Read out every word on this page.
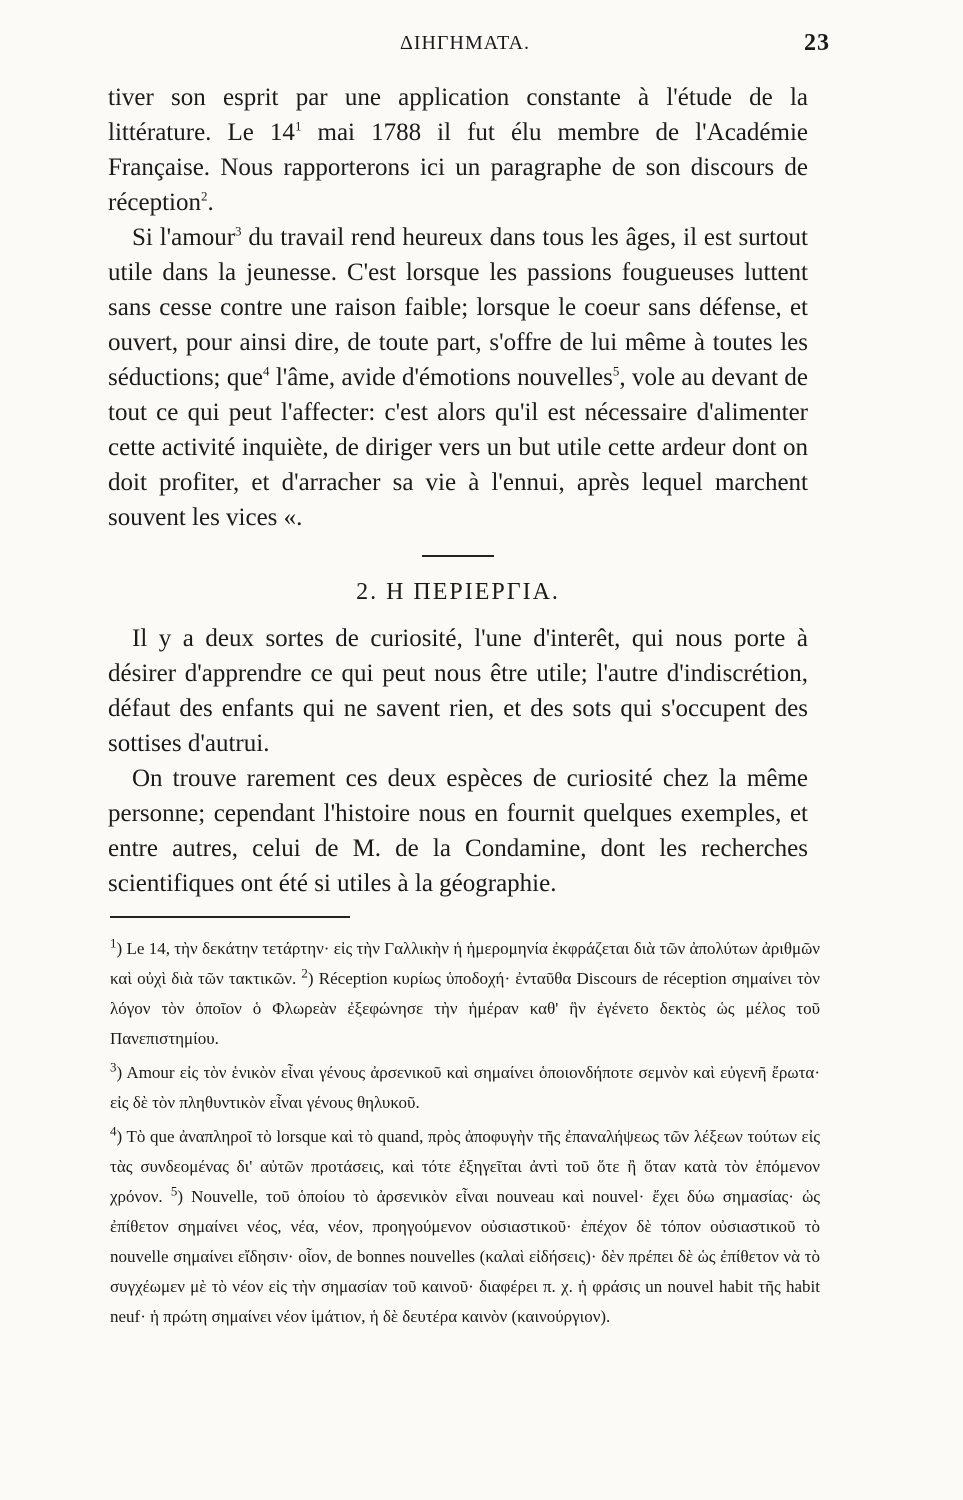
ΔΙΗΓΗΜΑΤΑ.	23

tiver son esprit par une application constante à l'étude de la littérature. Le $14^1$ mai 1788 il fut élu membre de l'Académie Française. Nous rapporterons ici un paragraphe de son discours de réception$^2$.

Si l'amour$^3$ du travail rend heureux dans tous les âges, il est surtout utile dans la jeunesse. C'est lorsque les passions fougueuses luttent sans cesse contre une raison faible; lorsque le coeur sans défense, et ouvert, pour ainsi dire, de toute part, s'offre de lui même à toutes les séductions; que$^4$ l'âme, avide d'émotions nouvelles$^5$, vole au devant de tout ce qui peut l'affecter: c'est alors qu'il est nécessaire d'alimenter cette activité inquiète, de diriger vers un but utile cette ardeur dont on doit profiter, et d'arracher sa vie à l'ennui, après lequel marchent souvent les vices «.

2. Η ΠΕΡΙΕΡΓΙΑ.

Il y a deux sortes de curiosité, l'une d'interêt, qui nous porte à désirer d'apprendre ce qui peut nous être utile; l'autre d'indiscrétion, défaut des enfants qui ne savent rien, et des sots qui s'occupent des sottises d'autrui.

On trouve rarement ces deux espèces de curiosité chez la même personne; cependant l'histoire nous en fournit quelques exemples, et entre autres, celui de M. de la Condamine, dont les recherches scientifiques ont été si utiles à la géographie.

$^1$) Le 14, τὴν δεκάτην τετάρτην· εἰς τὴν Γαλλικὴν ἡ ἡμερομηνία ἐκφράζεται διὰ τῶν ἀπολύτων ἀριθμῶν καὶ οὐχὶ διὰ τῶν τακτικῶν. $^2$) Réception κυρίως ὑποδοχή· ἐνταῦθα Discours de réception σημαίνει τὸν λόγον τὸν ὁποῖον ὁ Φλωρεὰν ἐξεφώνησε τὴν ἡμέραν καθ' ἣν ἐγένετο δεκτὸς ὡς μέλος τοῦ Πανεπιστημίου.

$^3$) Amour εἰς τὸν ἑνικὸν εἶναι γένους ἀρσενικοῦ καὶ σημαίνει ὁποιονδήποτε σεμνὸν καὶ εὐγενῆ ἔρωτα· εἰς δὲ τὸν πληθυντικὸν εἶναι γένους θηλυκοῦ.

$^4$) Τὸ que ἀναπληροῖ τὸ lorsque καὶ τὸ quand, πρὸς ἀποφυγὴν τῆς ἐπαναλήψεως τῶν λέξεων τούτων εἰς τὰς συνδεομένας δι' αὐτῶν προτάσεις, καὶ τότε ἐξηγεῖται ἀντὶ τοῦ ὅτε ἢ ὅταν κατὰ τὸν ἑπόμενον χρόνον. $^5$) Nouvelle, τοῦ ὁποίου τὸ ἀρσενικὸν εἶναι nouveau καὶ nouvel· ἔχει δύω σημασίας· ὡς ἐπίθετον σημαίνει νέος, νέα, νέον, προηγούμενον οὐσιαστικοῦ· ἐπέχον δὲ τόπον οὐσιαστικοῦ τὸ nouvelle σημαίνει εἴδησιν· οἷον, de bonnes nouvelles (καλαὶ εἰδήσεις)· δὲν πρέπει δὲ ὡς ἐπίθετον νὰ τὸ συγχέωμεν μὲ τὸ νέον εἰς τὴν σημασίαν τοῦ καινοῦ· διαφέρει π. χ. ἡ φράσις un nouvel habit τῆς habit neuf· ἡ πρώτη σημαίνει νέον ἱμάτιον, ἡ δὲ δευτέρα καινὸν (καινούργιον).
